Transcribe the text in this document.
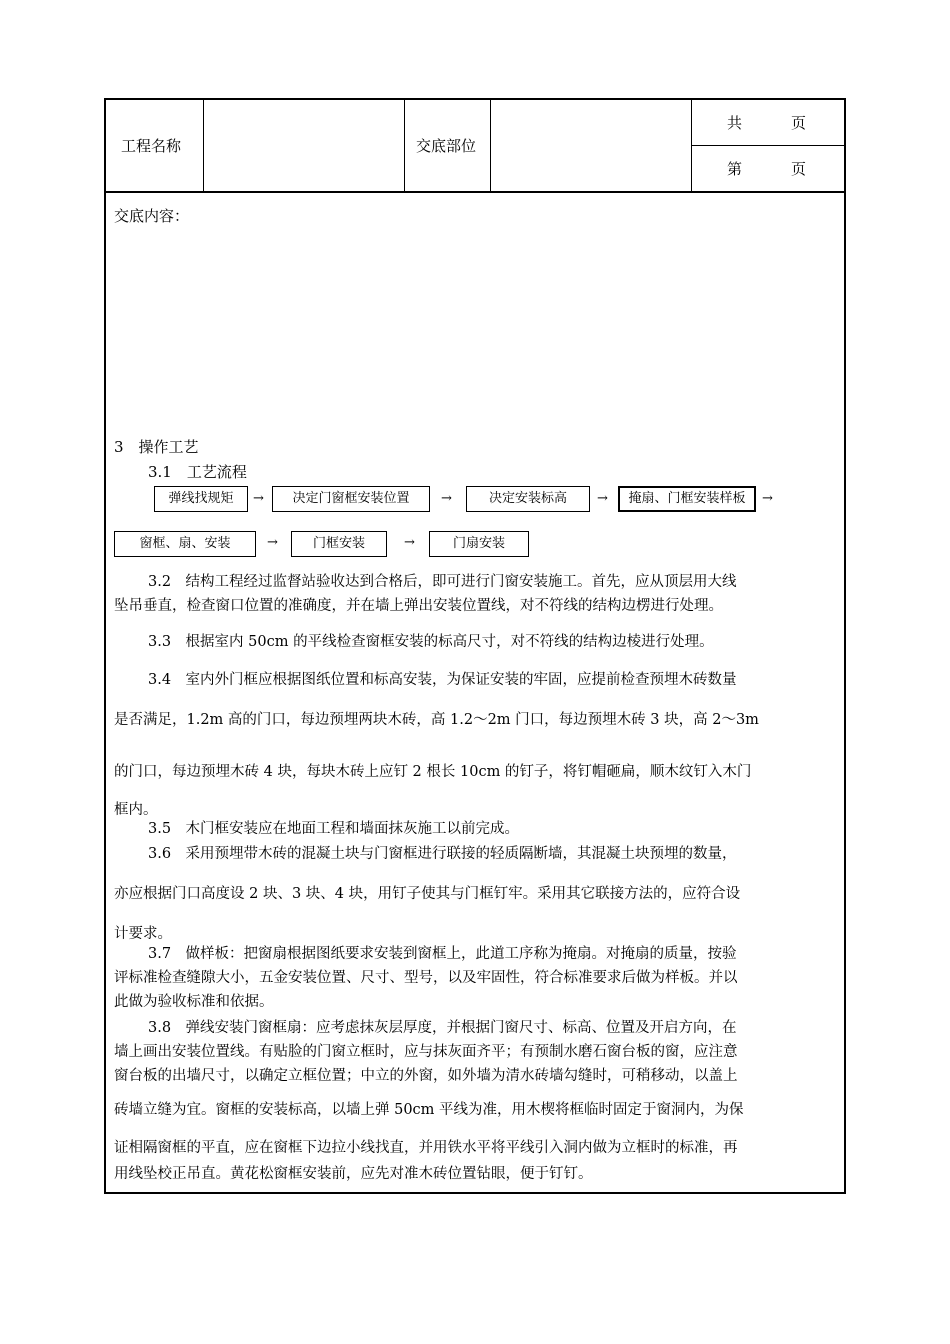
工程名称	交底部位
共　　　页
第　　　页
交底内容：
3　操作工艺
3.1　工艺流程
弹线找规矩	→	决定门窗框安装位置	→	决定安装标高	→	掩扇、门框安装样板	→
窗框、扇、安装	→	门框安装	→	门扇安装
3.2　结构工程经过监督站验收达到合格后，即可进行门窗安装施工。首先，应从顶层用大线
坠吊垂直，检查窗口位置的准确度，并在墙上弹出安装位置线，对不符线的结构边楞进行处理。
3.3　根据室内 50cm 的平线检查窗框安装的标高尺寸，对不符线的结构边棱进行处理。
3.4　室内外门框应根据图纸位置和标高安装，为保证安装的牢固，应提前检查预埋木砖数量
是否满足，1.2m 高的门口，每边预埋两块木砖，高 1.2～2m 门口，每边预埋木砖 3 块，高 2～3m
的门口，每边预埋木砖 4 块，每块木砖上应钉 2 根长 10cm 的钉子，将钉帽砸扁，顺木纹钉入木门
框内。
3.5　木门框安装应在地面工程和墙面抹灰施工以前完成。
3.6　采用预埋带木砖的混凝土块与门窗框进行联接的轻质隔断墙，其混凝土块预埋的数量，
亦应根据门口高度设 2 块、3 块、4 块，用钉子使其与门框钉牢。采用其它联接方法的，应符合设
计要求。
3.7　做样板：把窗扇根据图纸要求安装到窗框上，此道工序称为掩扇。对掩扇的质量，按验
评标准检查缝隙大小，五金安装位置、尺寸、型号，以及牢固性，符合标准要求后做为样板。并以
此做为验收标准和依据。
3.8　弹线安装门窗框扇：应考虑抹灰层厚度，并根据门窗尺寸、标高、位置及开启方向，在
墙上画出安装位置线。有贴脸的门窗立框时，应与抹灰面齐平；有预制水磨石窗台板的窗，应注意
窗台板的出墙尺寸，以确定立框位置；中立的外窗，如外墙为清水砖墙勾缝时，可稍移动，以盖上
砖墙立缝为宜。窗框的安装标高，以墙上弹 50cm 平线为准，用木楔将框临时固定于窗洞内，为保
证相隔窗框的平直，应在窗框下边拉小线找直，并用铁水平将平线引入洞内做为立框时的标准，再
用线坠校正吊直。黄花松窗框安装前，应先对准木砖位置钻眼，便于钉钉。
